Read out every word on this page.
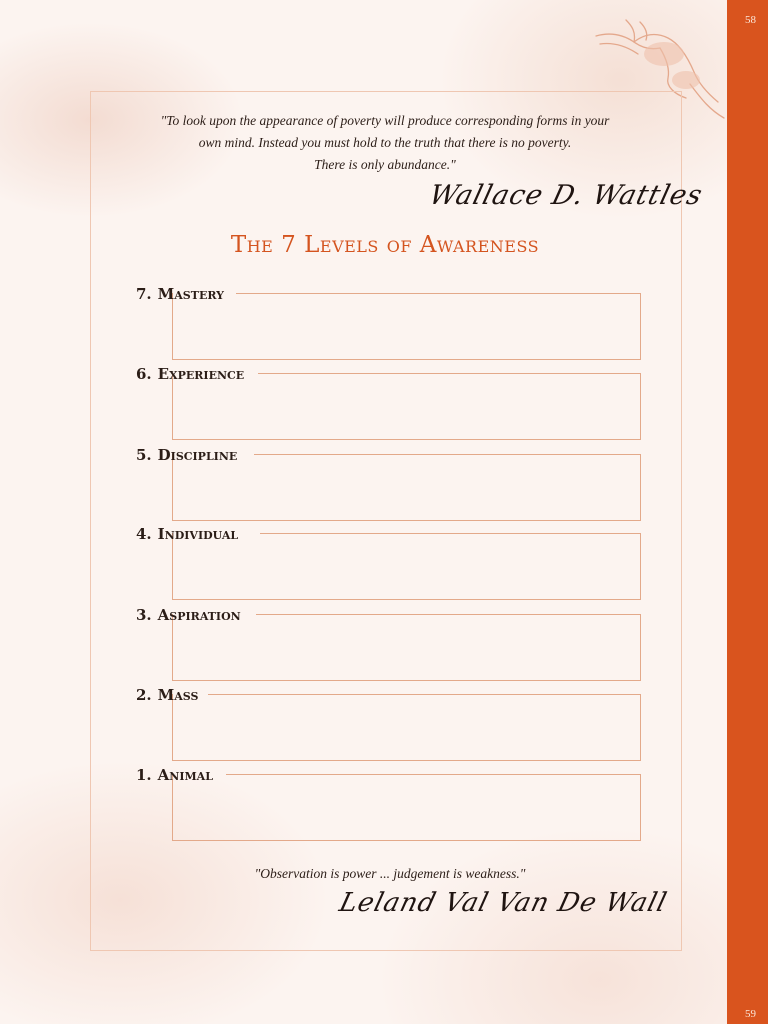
58
59
"To look upon the appearance of poverty will produce corresponding forms in your
own mind. Instead you must hold to the truth that there is no poverty.
There is only abundance."
Wallace D. Wattles
The 7 Levels of Awareness
7. Mastery
6. Experience
5. Discipline
4. Individual
3. Aspiration
2. Mass
1. Animal
"Observation is power ... judgement is weakness."
Leland Val Van De Wall
